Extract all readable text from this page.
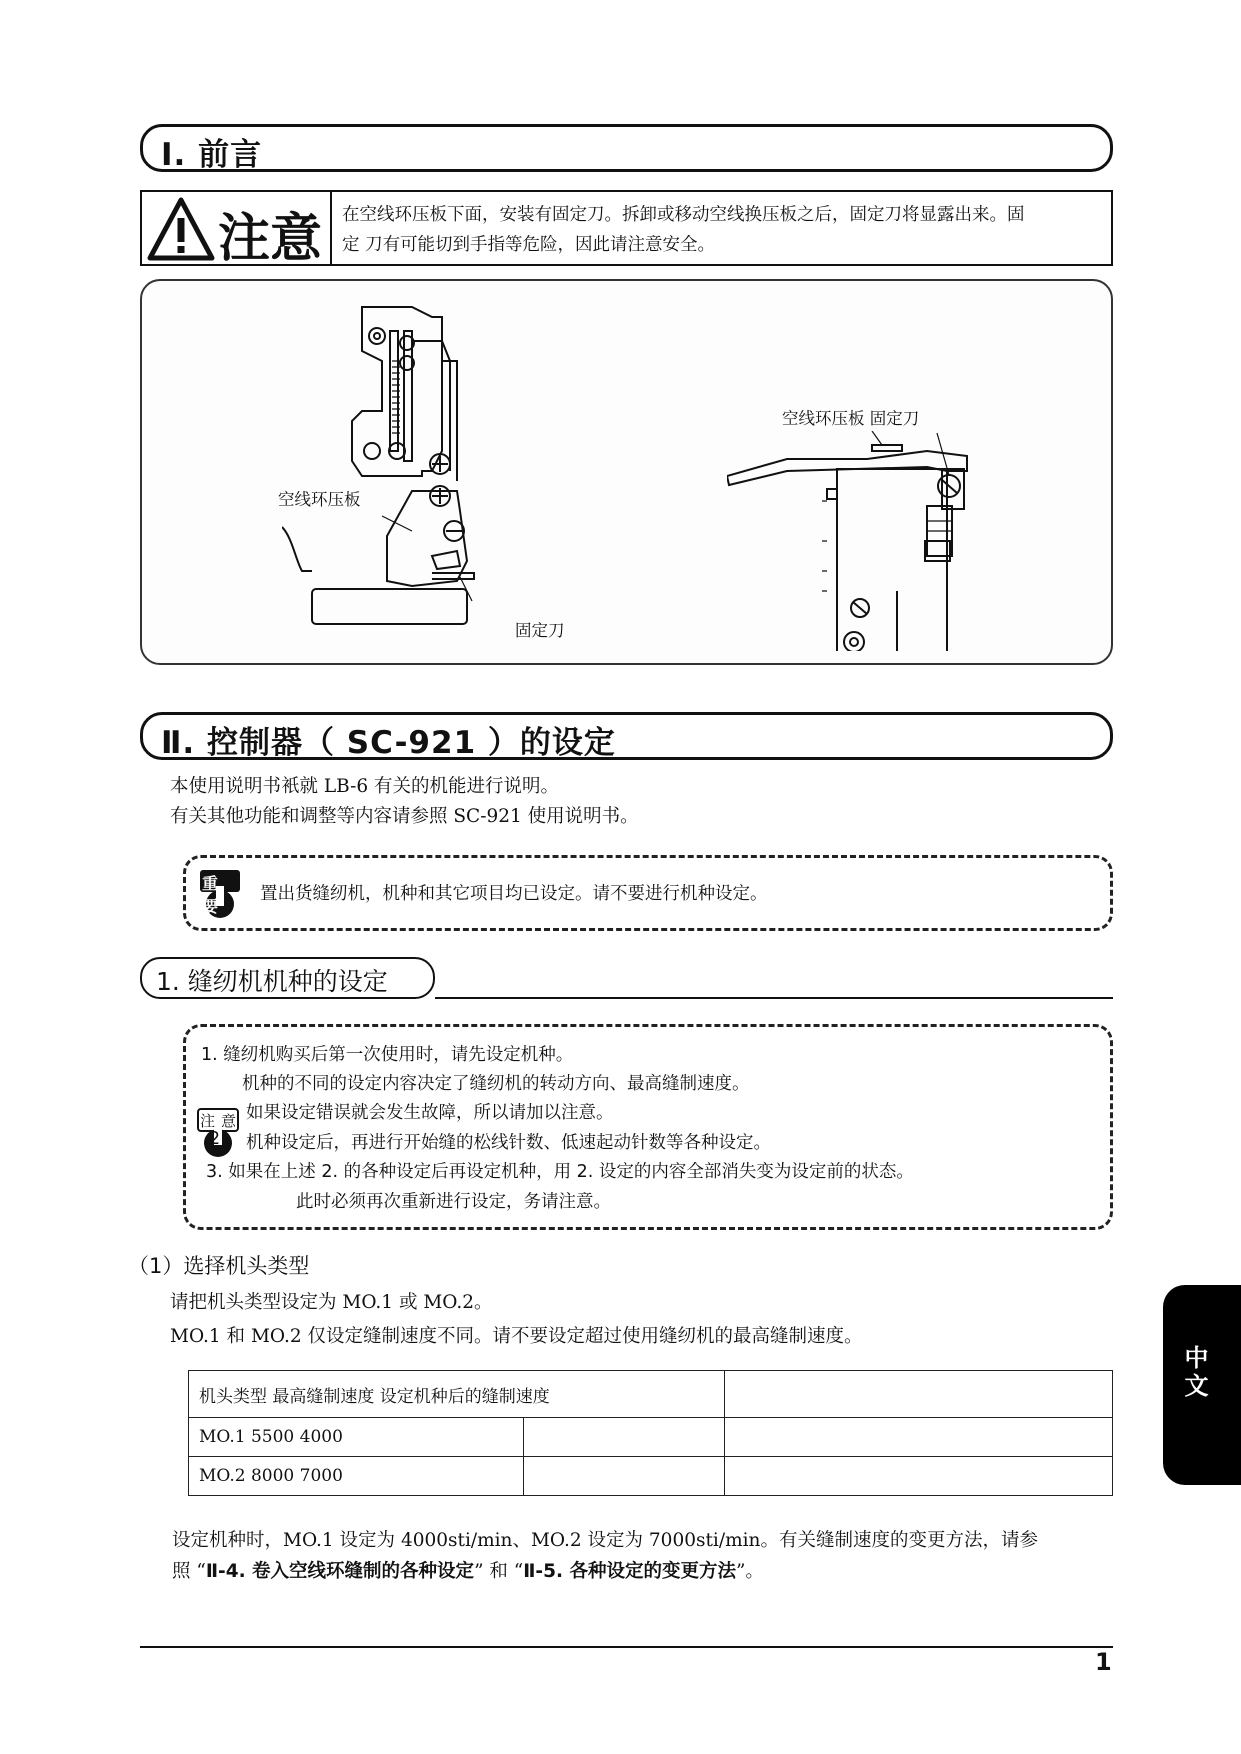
Ⅰ. 前言
注意 在空线环压板下面，安装有固定刀。拆卸或移动空线换压板之后，固定刀将显露出来。固
定 刀有可能切到手指等危险，因此请注意安全。
空线环压板
固定刀
空线环压板 固定刀
Ⅱ. 控制器（ SC-921 ）的设定
本使用说明书衹就 LB-6 有关的机能进行说明。
有关其他功能和调整等内容请参照 SC-921 使用说明书。
重要
置出货缝纫机，机种和其它项目均已设定。请不要进行机种设定。
1. 缝纫机机种的设定
注意
1. 缝纫机购买后第一次使用时，请先设定机种。
机种的不同的设定内容决定了缝纫机的转动方向、最高缝制速度。
如果设定错误就会发生故障，所以请加以注意。
2. 机种设定后，再进行开始缝的松线针数、低速起动针数等各种设定。
3. 如果在上述 2. 的各种设定后再设定机种，用 2. 设定的内容全部消失变为设定前的状态。
此时必须再次重新进行设定，务请注意。
（1）选择机头类型
请把机头类型设定为 MO.1 或 MO.2。
MO.1 和 MO.2 仅设定缝制速度不同。请不要设定超过使用缝纫机的最高缝制速度。
机头类型 最高缝制速度 设定机种后的缝制速度		
MO.1 5500 4000		
MO.2 8000 7000		
设定机种时，MO.1 设定为 4000sti/min、MO.2 设定为 7000sti/min。有关缝制速度的变更方法，请参
照 “Ⅱ-4. 卷入空线环缝制的各种设定” 和 “Ⅱ-5. 各种设定的变更方法”。
1
中文
